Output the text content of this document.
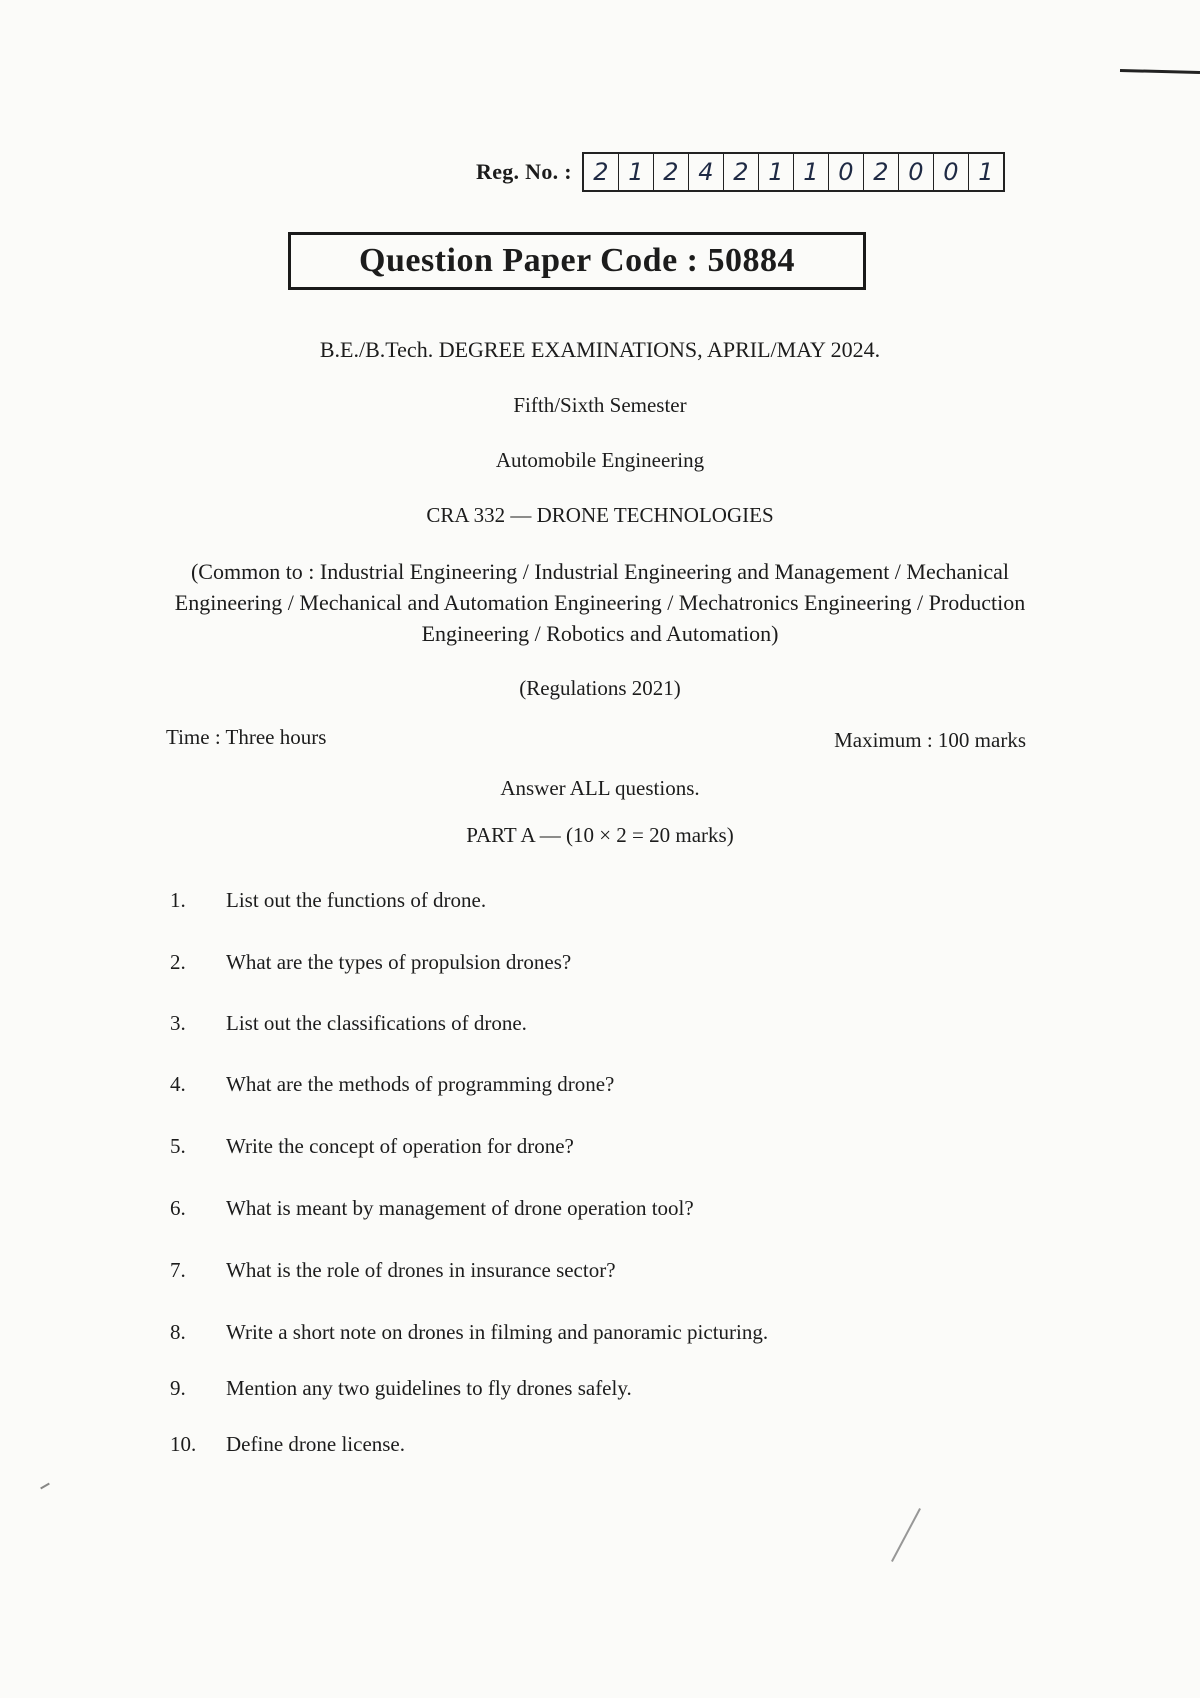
Reg. No. : 2 1 2 4 2 1 1 0 2 0 0 1
Question Paper Code : 50884
B.E./B.Tech. DEGREE EXAMINATIONS, APRIL/MAY 2024.
Fifth/Sixth Semester
Automobile Engineering
CRA 332 — DRONE TECHNOLOGIES
(Common to : Industrial Engineering / Industrial Engineering and Management / Mechanical Engineering / Mechanical and Automation Engineering / Mechatronics Engineering / Production Engineering / Robotics and Automation)
(Regulations 2021)
Time : Three hours	Maximum : 100 marks
Answer ALL questions.
PART A — (10 × 2 = 20 marks)
1. List out the functions of drone.
2. What are the types of propulsion drones?
3. List out the classifications of drone.
4. What are the methods of programming drone?
5. Write the concept of operation for drone?
6. What is meant by management of drone operation tool?
7. What is the role of drones in insurance sector?
8. Write a short note on drones in filming and panoramic picturing.
9. Mention any two guidelines to fly drones safely.
10. Define drone license.
